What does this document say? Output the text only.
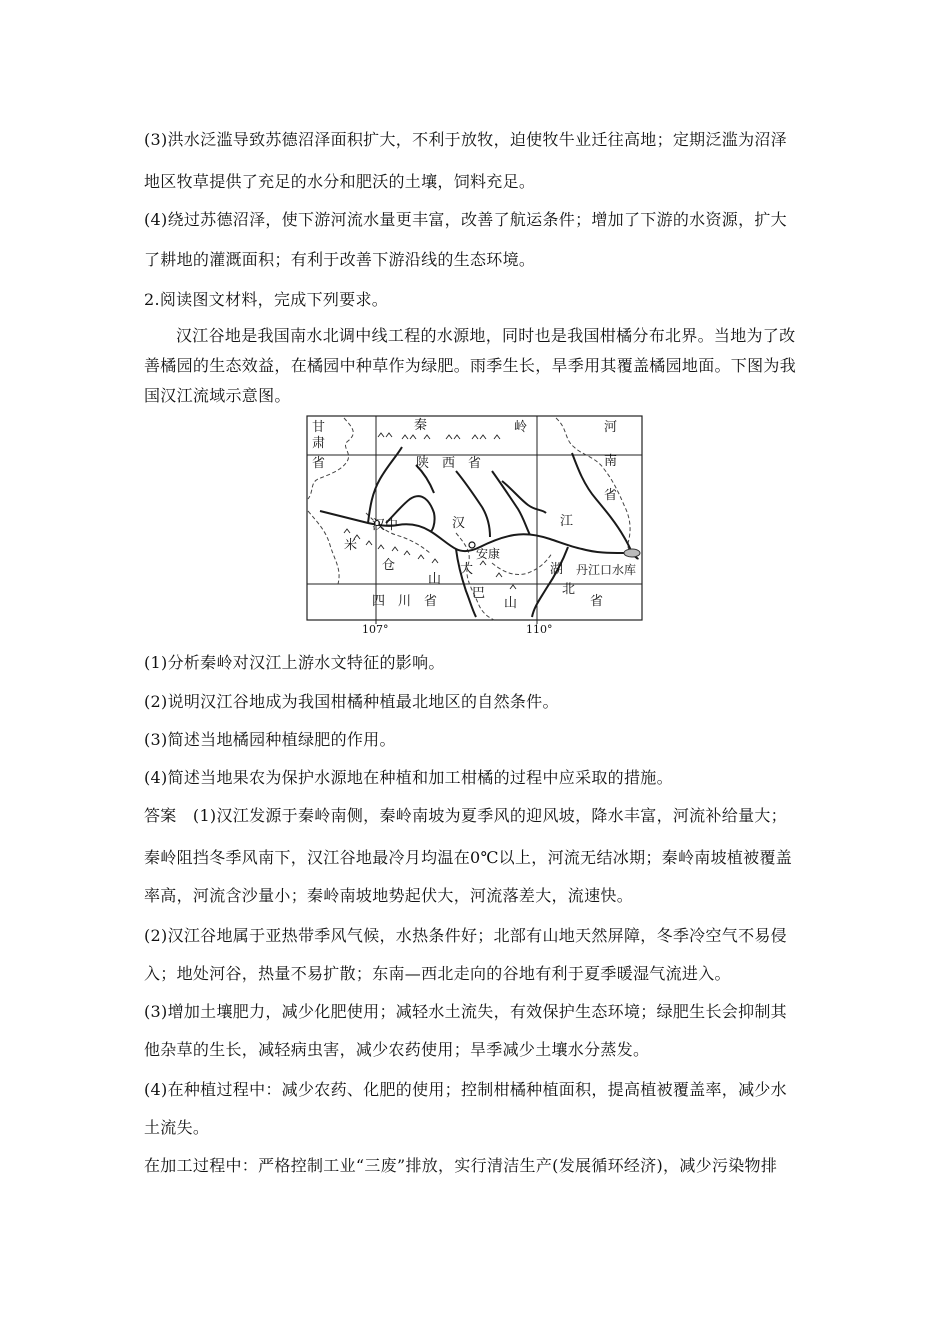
(3)洪水泛滥导致苏德沼泽面积扩大，不利于放牧，迫使牧牛业迁往高地；定期泛滥为沼泽
地区牧草提供了充足的水分和肥沃的土壤，饲料充足。
(4)绕过苏德沼泽，使下游河流水量更丰富，改善了航运条件；增加了下游的水资源，扩大
了耕地的灌溉面积；有利于改善下游沿线的生态环境。
2.阅读图文材料，完成下列要求。
汉江谷地是我国南水北调中线工程的水源地，同时也是我国柑橘分布北界。当地为了改
善橘园的生态效益，在橘园中种草作为绿肥。雨季生长，旱季用其覆盖橘园地面。下图为我
国汉江流域示意图。
甘
肃
省
秦	岭	河
南
省
陕　西　省
汉中	汉	江
安康
米
仓
山
大
巴
山
湖 丹江口水库
四　川　省
北
省
107°	110°
(1)分析秦岭对汉江上游水文特征的影响。
(2)说明汉江谷地成为我国柑橘种植最北地区的自然条件。
(3)简述当地橘园种植绿肥的作用。
(4)简述当地果农为保护水源地在种植和加工柑橘的过程中应采取的措施。
答案　(1)汉江发源于秦岭南侧，秦岭南坡为夏季风的迎风坡，降水丰富，河流补给量大；
秦岭阻挡冬季风南下，汉江谷地最冷月均温在0℃以上，河流无结冰期；秦岭南坡植被覆盖
率高，河流含沙量小；秦岭南坡地势起伏大，河流落差大，流速快。
(2)汉江谷地属于亚热带季风气候，水热条件好；北部有山地天然屏障，冬季冷空气不易侵
入；地处河谷，热量不易扩散；东南—西北走向的谷地有利于夏季暖湿气流进入。
(3)增加土壤肥力，减少化肥使用；减轻水土流失，有效保护生态环境；绿肥生长会抑制其
他杂草的生长，减轻病虫害，减少农药使用；旱季减少土壤水分蒸发。
(4)在种植过程中：减少农药、化肥的使用；控制柑橘种植面积，提高植被覆盖率，减少水
土流失。
在加工过程中：严格控制工业“三废”排放，实行清洁生产(发展循环经济)，减少污染物排
